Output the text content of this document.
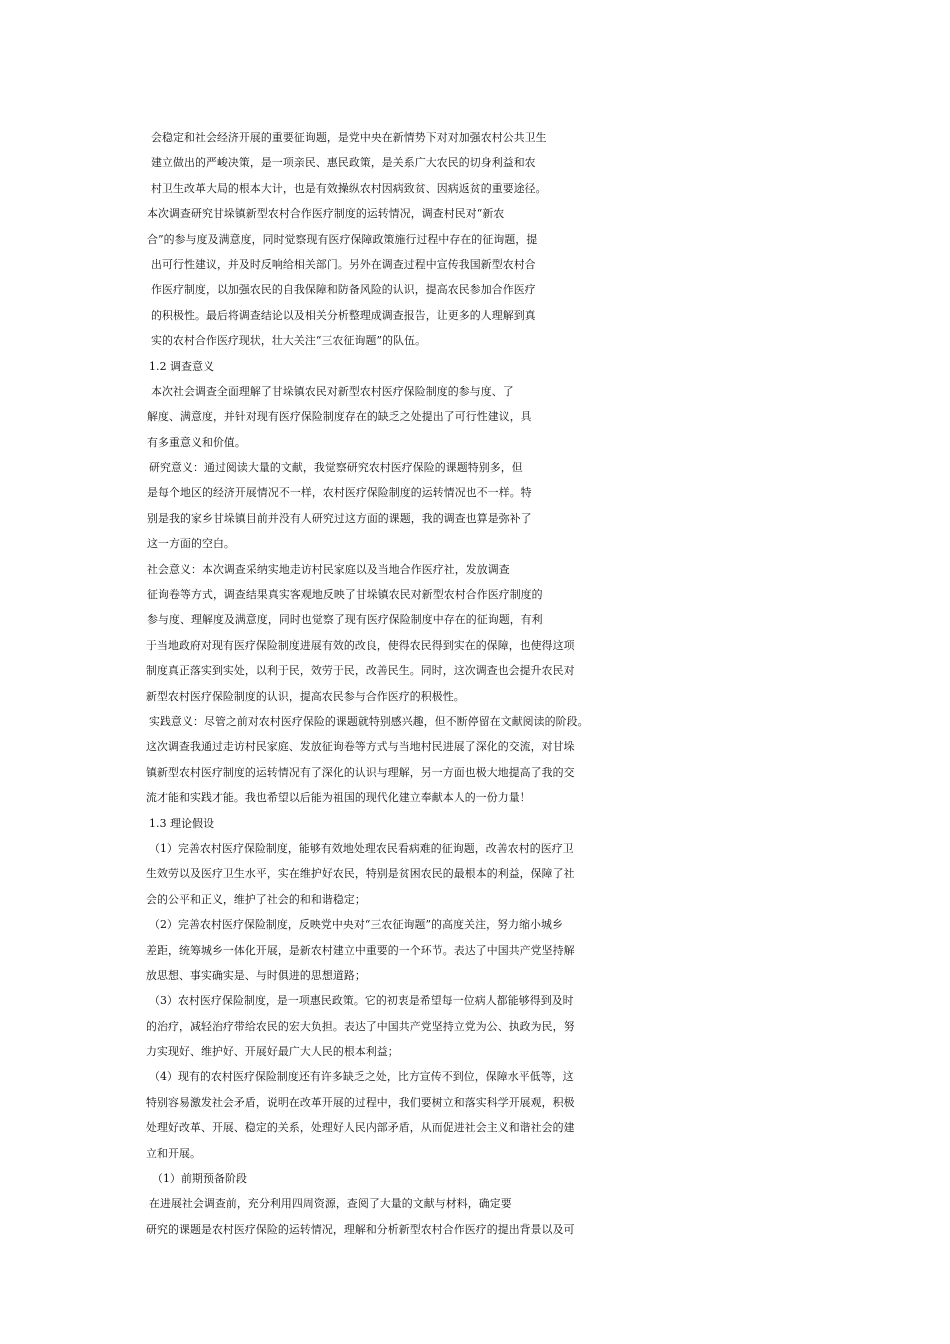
会稳定和社会经济开展的重要征询题，是党中央在新情势下对对加强农村公共卫生
建立做出的严峻决策，是一项亲民、惠民政策，是关系广大农民的切身利益和农
村卫生改革大局的根本大计，也是有效操纵农村因病致贫、因病返贫的重要途径。
本次调查研究甘垛镇新型农村合作医疗制度的运转情况，调查村民对“新农
合”的参与度及满意度，同时觉察现有医疗保障政策施行过程中存在的征询题，提
出可行性建议，并及时反响给相关部门。另外在调查过程中宣传我国新型农村合
作医疗制度，以加强农民的自我保障和防备风险的认识，提高农民参加合作医疗
的积极性。最后将调查结论以及相关分析整理成调查报告，让更多的人理解到真
实的农村合作医疗现状，壮大关注“三农征询题”的队伍。
1.2 调查意义
本次社会调查全面理解了甘垛镇农民对新型农村医疗保险制度的参与度、了
解度、满意度，并针对现有医疗保险制度存在的缺乏之处提出了可行性建议，具
有多重意义和价值。
研究意义：通过阅读大量的文献，我觉察研究农村医疗保险的课题特别多，但
是每个地区的经济开展情况不一样，农村医疗保险制度的运转情况也不一样。特
别是我的家乡甘垛镇目前并没有人研究过这方面的课题，我的调查也算是弥补了
这一方面的空白。
社会意义：本次调查采纳实地走访村民家庭以及当地合作医疗社，发放调查
征询卷等方式，调查结果真实客观地反映了甘垛镇农民对新型农村合作医疗制度的
参与度、理解度及满意度，同时也觉察了现有医疗保险制度中存在的征询题，有利
于当地政府对现有医疗保险制度进展有效的改良，使得农民得到实在的保障，也使得这项
制度真正落实到实处，以利于民，效劳于民，改善民生。同时，这次调查也会提升农民对
新型农村医疗保险制度的认识，提高农民参与合作医疗的积极性。
实践意义：尽管之前对农村医疗保险的课题就特别感兴趣，但不断停留在文献阅读的阶段。
这次调查我通过走访村民家庭、发放征询卷等方式与当地村民进展了深化的交流，对甘垛
镇新型农村医疗制度的运转情况有了深化的认识与理解，另一方面也极大地提高了我的交
流才能和实践才能。我也希望以后能为祖国的现代化建立奉献本人的一份力量！
1.3 理论假设
（1）完善农村医疗保险制度，能够有效地处理农民看病难的征询题，改善农村的医疗卫
生效劳以及医疗卫生水平，实在维护好农民，特别是贫困农民的最根本的利益，保障了社
会的公平和正义，维护了社会的和和谐稳定；
（2）完善农村医疗保险制度，反映党中央对“三农征询题”的高度关注，努力缩小城乡
差距，统筹城乡一体化开展，是新农村建立中重要的一个环节。表达了中国共产党坚持解
放思想、事实确实是、与时俱进的思想道路；
（3）农村医疗保险制度，是一项惠民政策。它的初衷是希望每一位病人都能够得到及时
的治疗，减轻治疗带给农民的宏大负担。表达了中国共产党坚持立党为公、执政为民，努
力实现好、维护好、开展好最广大人民的根本利益；
（4）现有的农村医疗保险制度还有许多缺乏之处，比方宣传不到位，保障水平低等，这
特别容易激发社会矛盾，说明在改革开展的过程中，我们要树立和落实科学开展观，积极
处理好改革、开展、稳定的关系，处理好人民内部矛盾，从而促进社会主义和谐社会的建
立和开展。
（1）前期预备阶段
在进展社会调查前，充分利用四周资源，查阅了大量的文献与材料，确定要
研究的课题是农村医疗保险的运转情况，理解和分析新型农村合作医疗的提出背景以及可
